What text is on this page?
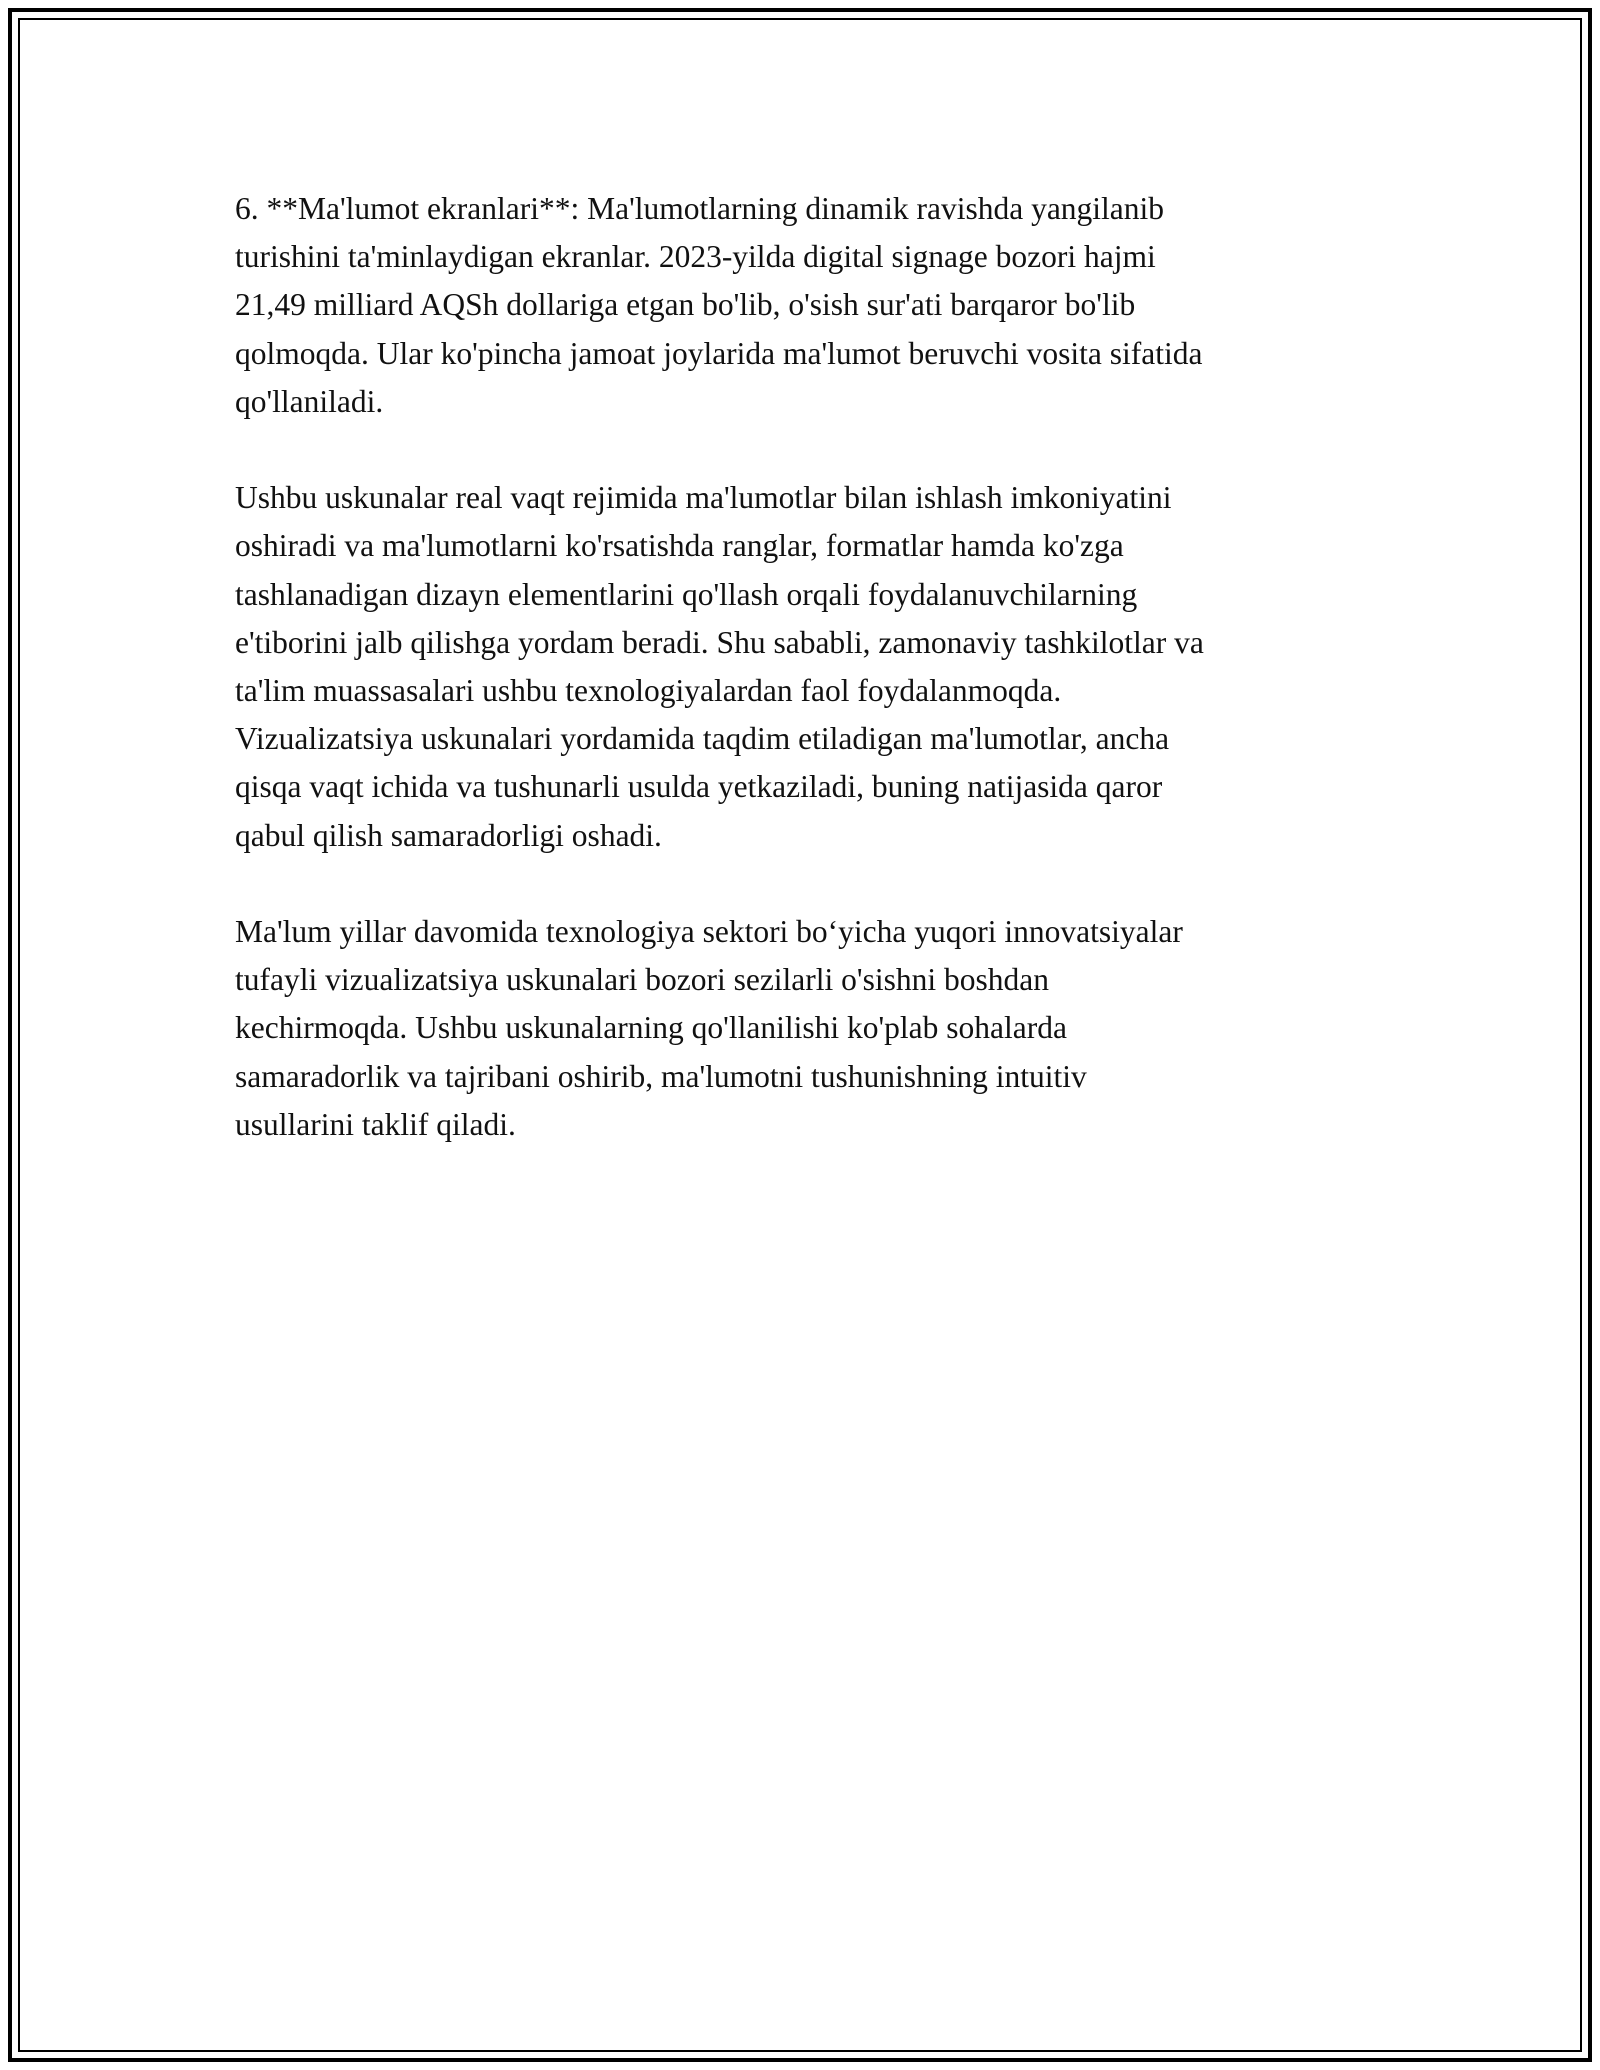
6. **Ma'lumot ekranlari**: Ma'lumotlarning dinamik ravishda yangilanib
turishini ta'minlaydigan ekranlar. 2023-yilda digital signage bozori hajmi
21,49 milliard AQSh dollariga etgan bo'lib, o'sish sur'ati barqaror bo'lib
qolmoqda. Ular ko'pincha jamoat joylarida ma'lumot beruvchi vosita sifatida
qo'llaniladi.

Ushbu uskunalar real vaqt rejimida ma'lumotlar bilan ishlash imkoniyatini
oshiradi va ma'lumotlarni ko'rsatishda ranglar, formatlar hamda ko'zga
tashlanadigan dizayn elementlarini qo'llash orqali foydalanuvchilarning
e'tiborini jalb qilishga yordam beradi. Shu sababli, zamonaviy tashkilotlar va
ta'lim muassasalari ushbu texnologiyalardan faol foydalanmoqda.
Vizualizatsiya uskunalari yordamida taqdim etiladigan ma'lumotlar, ancha
qisqa vaqt ichida va tushunarli usulda yetkaziladi, buning natijasida qaror
qabul qilish samaradorligi oshadi.

Ma'lum yillar davomida texnologiya sektori bo‘yicha yuqori innovatsiyalar
tufayli vizualizatsiya uskunalari bozori sezilarli o'sishni boshdan
kechirmoqda. Ushbu uskunalarning qo'llanilishi ko'plab sohalarda
samaradorlik va tajribani oshirib, ma'lumotni tushunishning intuitiv
usullarini taklif qiladi.
